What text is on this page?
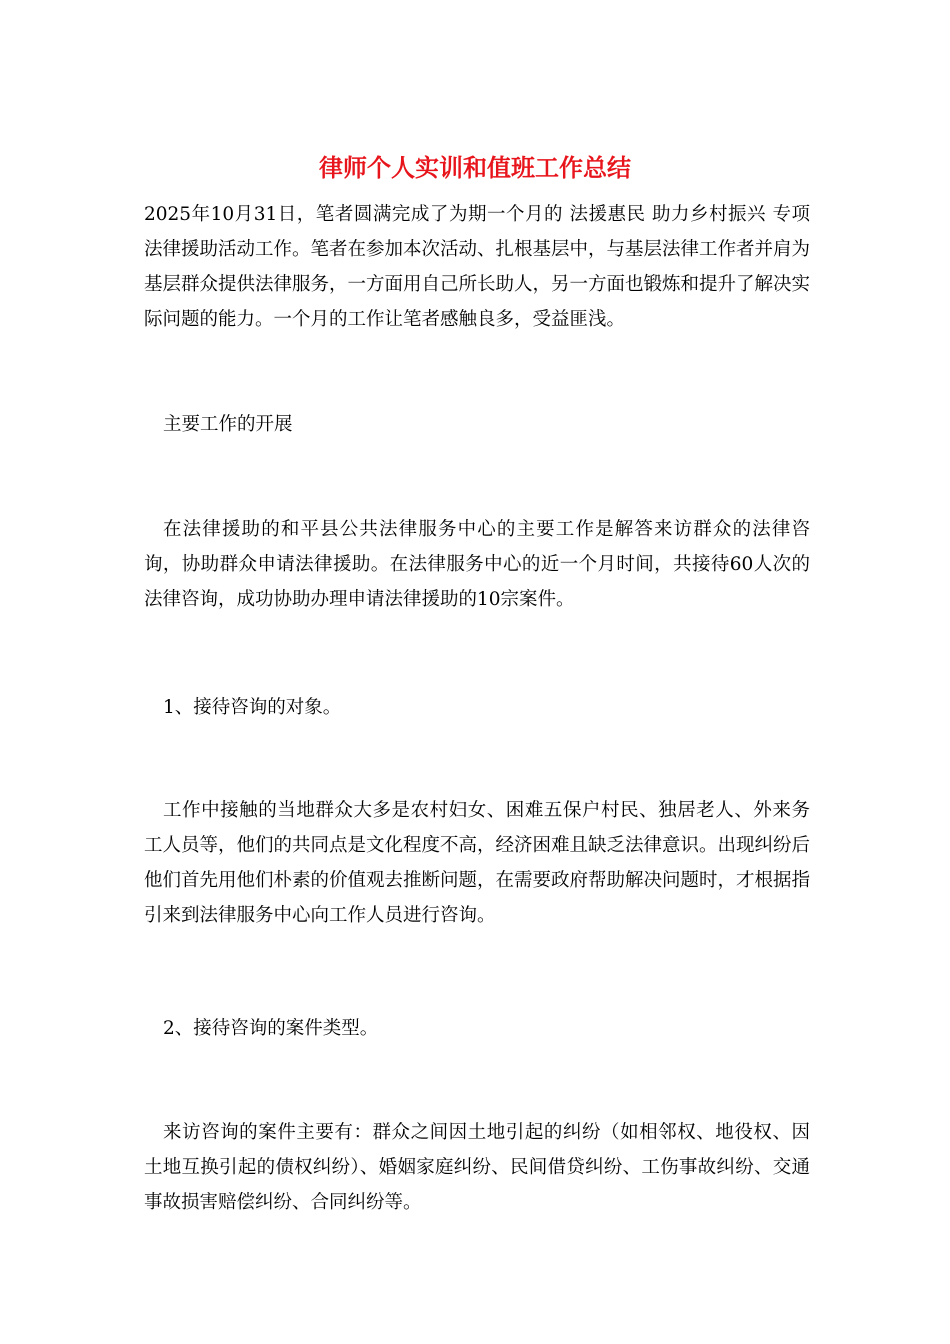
律师个人实训和值班工作总结

2025年10月31日，笔者圆满完成了为期一个月的 法援惠民 助力乡村振兴 专项法律援助活动工作。笔者在参加本次活动、扎根基层中，与基层法律工作者并肩为基层群众提供法律服务，一方面用自己所长助人，另一方面也锻炼和提升了解决实际问题的能力。一个月的工作让笔者感触良多，受益匪浅。

主要工作的开展

在法律援助的和平县公共法律服务中心的主要工作是解答来访群众的法律咨询，协助群众申请法律援助。在法律服务中心的近一个月时间，共接待60人次的法律咨询，成功协助办理申请法律援助的10宗案件。

1、接待咨询的对象。

工作中接触的当地群众大多是农村妇女、困难五保户村民、独居老人、外来务工人员等，他们的共同点是文化程度不高，经济困难且缺乏法律意识。出现纠纷后他们首先用他们朴素的价值观去推断问题，在需要政府帮助解决问题时，才根据指引来到法律服务中心向工作人员进行咨询。

2、接待咨询的案件类型。

来访咨询的案件主要有：群众之间因土地引起的纠纷（如相邻权、地役权、因土地互换引起的债权纠纷）、婚姻家庭纠纷、民间借贷纠纷、工伤事故纠纷、交通事故损害赔偿纠纷、合同纠纷等。
